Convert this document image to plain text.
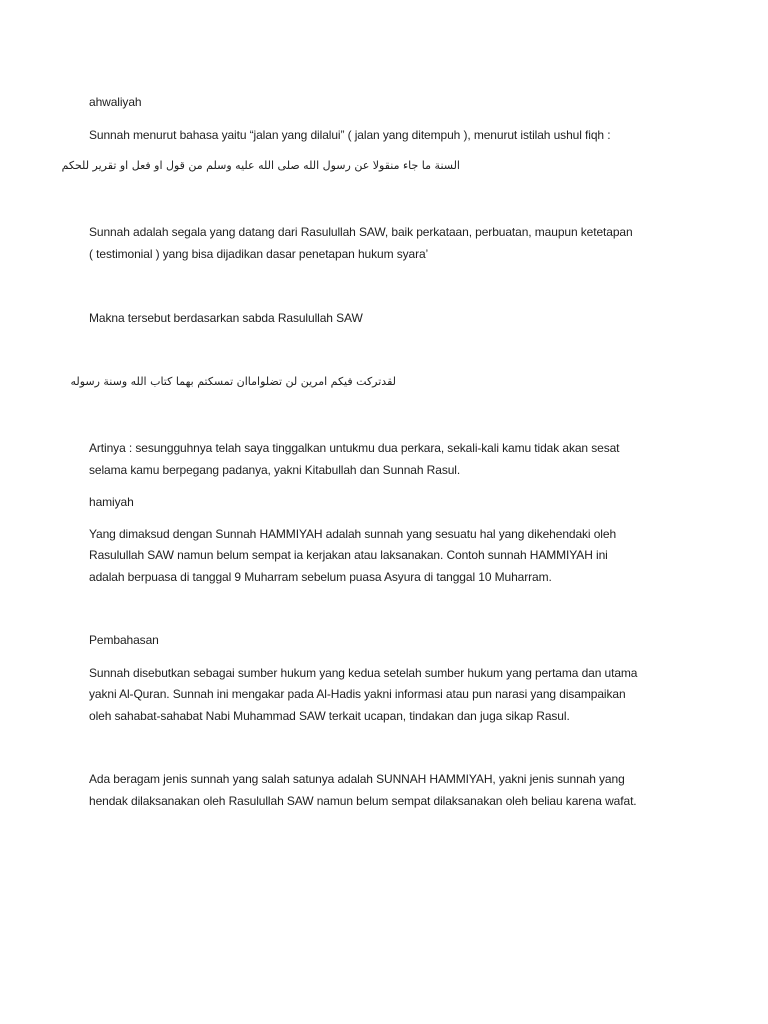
ahwaliyah
Sunnah menurut bahasa yaitu “jalan yang dilalui” ( jalan yang ditempuh ), menurut istilah ushul fiqh :
السنة ما جاء منقولا عن رسول الله صلى الله عليه وسلم من قول او فعل او تقرير للحكم
Sunnah adalah segala yang datang dari Rasulullah SAW, baik perkataan, perbuatan, maupun ketetapan
( testimonial ) yang bisa dijadikan dasar penetapan hukum syara’
Makna tersebut berdasarkan sabda Rasulullah SAW
لقدتركت فيكم امرين لن تضلواماان تمسكتم بهما كتاب الله وسنة رسوله
Artinya : sesungguhnya telah saya tinggalkan untukmu dua perkara, sekali-kali kamu tidak akan sesat
selama kamu berpegang padanya, yakni Kitabullah dan Sunnah Rasul.
hamiyah
Yang dimaksud dengan Sunnah HAMMIYAH adalah sunnah yang sesuatu hal yang dikehendaki oleh
Rasulullah SAW namun belum sempat ia kerjakan atau laksanakan. Contoh sunnah HAMMIYAH ini
adalah berpuasa di tanggal 9 Muharram sebelum puasa Asyura di tanggal 10 Muharram.
Pembahasan
Sunnah disebutkan sebagai sumber hukum yang kedua setelah sumber hukum yang pertama dan utama
yakni Al-Quran. Sunnah ini mengakar pada Al-Hadis yakni informasi atau pun narasi yang disampaikan
oleh sahabat-sahabat Nabi Muhammad SAW terkait ucapan, tindakan dan juga sikap Rasul.
Ada beragam jenis sunnah yang salah satunya adalah SUNNAH HAMMIYAH, yakni jenis sunnah yang
hendak dilaksanakan oleh Rasulullah SAW namun belum sempat dilaksanakan oleh beliau karena wafat.
